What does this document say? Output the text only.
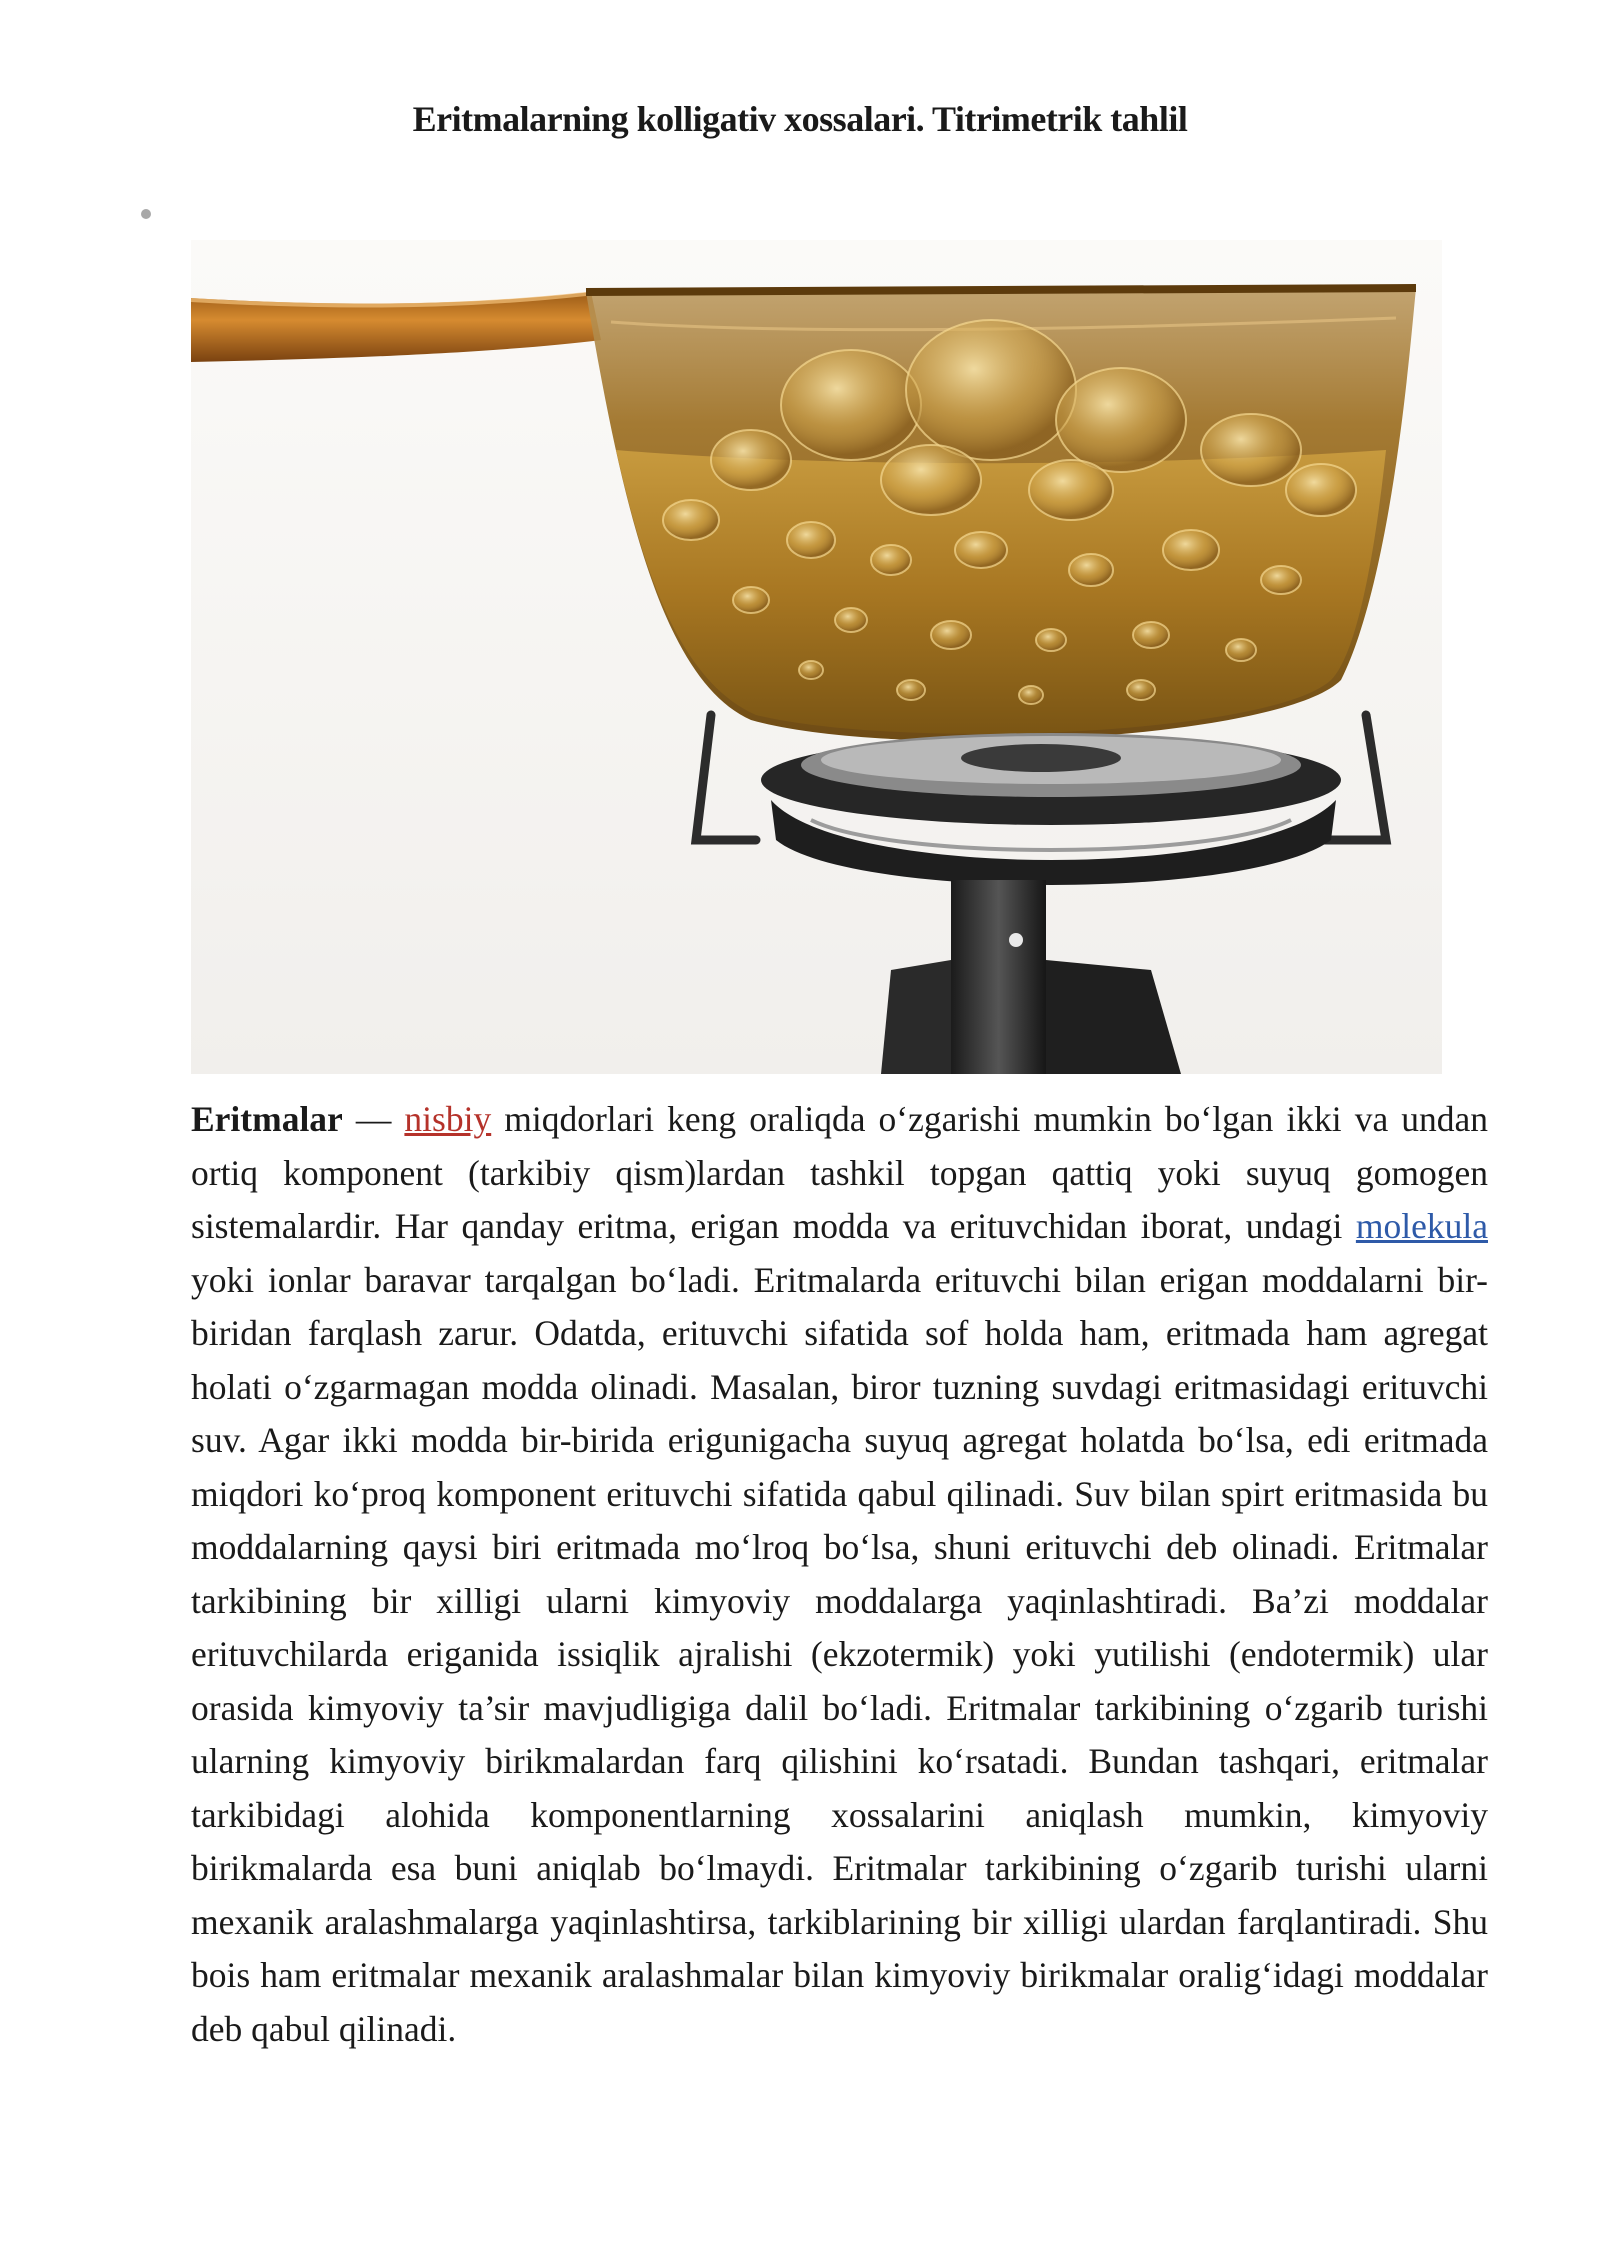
Eritmalarning kolligativ xossalari. Titrimetrik tahlil

Eritmalar — nisbiy miqdorlari keng oraliqda oʻzgarishi mumkin boʻlgan ikki va undan ortiq komponent (tarkibiy qism)lardan tashkil topgan qattiq yoki suyuq gomogen sistemalardir. Har qanday eritma, erigan modda va erituvchidan iborat, undagi molekula yoki ionlar baravar tarqalgan boʻladi. Eritmalarda erituvchi bilan erigan moddalarni bir-biridan farqlash zarur. Odatda, erituvchi sifatida sof holda ham, eritmada ham agregat holati oʻzgarmagan modda olinadi. Masalan, biror tuzning suvdagi eritmasidagi erituvchi suv. Agar ikki modda bir-birida erigunigacha suyuq agregat holatda boʻlsa, edi eritmada miqdori koʻproq komponent erituvchi sifatida qabul qilinadi. Suv bilan spirt eritmasida bu moddalarning qaysi biri eritmada moʻlroq boʻlsa, shuni erituvchi deb olinadi. Eritmalar tarkibining bir xilligi ularni kimyoviy moddalarga yaqinlashtiradi. Ba’zi moddalar erituvchilarda eriganida issiqlik ajralishi (ekzotermik) yoki yutilishi (endotermik) ular orasida kimyoviy ta’sir mavjudligiga dalil boʻladi. Eritmalar tarkibining oʻzgarib turishi ularning kimyoviy birikmalardan farq qilishini koʻrsatadi. Bundan tashqari, eritmalar tarkibidagi alohida komponentlarning xossalarini aniqlash mumkin, kimyoviy birikmalarda esa buni aniqlab boʻlmaydi. Eritmalar tarkibining oʻzgarib turishi ularni mexanik aralashmalarga yaqinlashtirsa, tarkiblarining bir xilligi ulardan farqlantiradi. Shu bois ham eritmalar mexanik aralashmalar bilan kimyoviy birikmalar oraligʻidagi moddalar deb qabul qilinadi.
